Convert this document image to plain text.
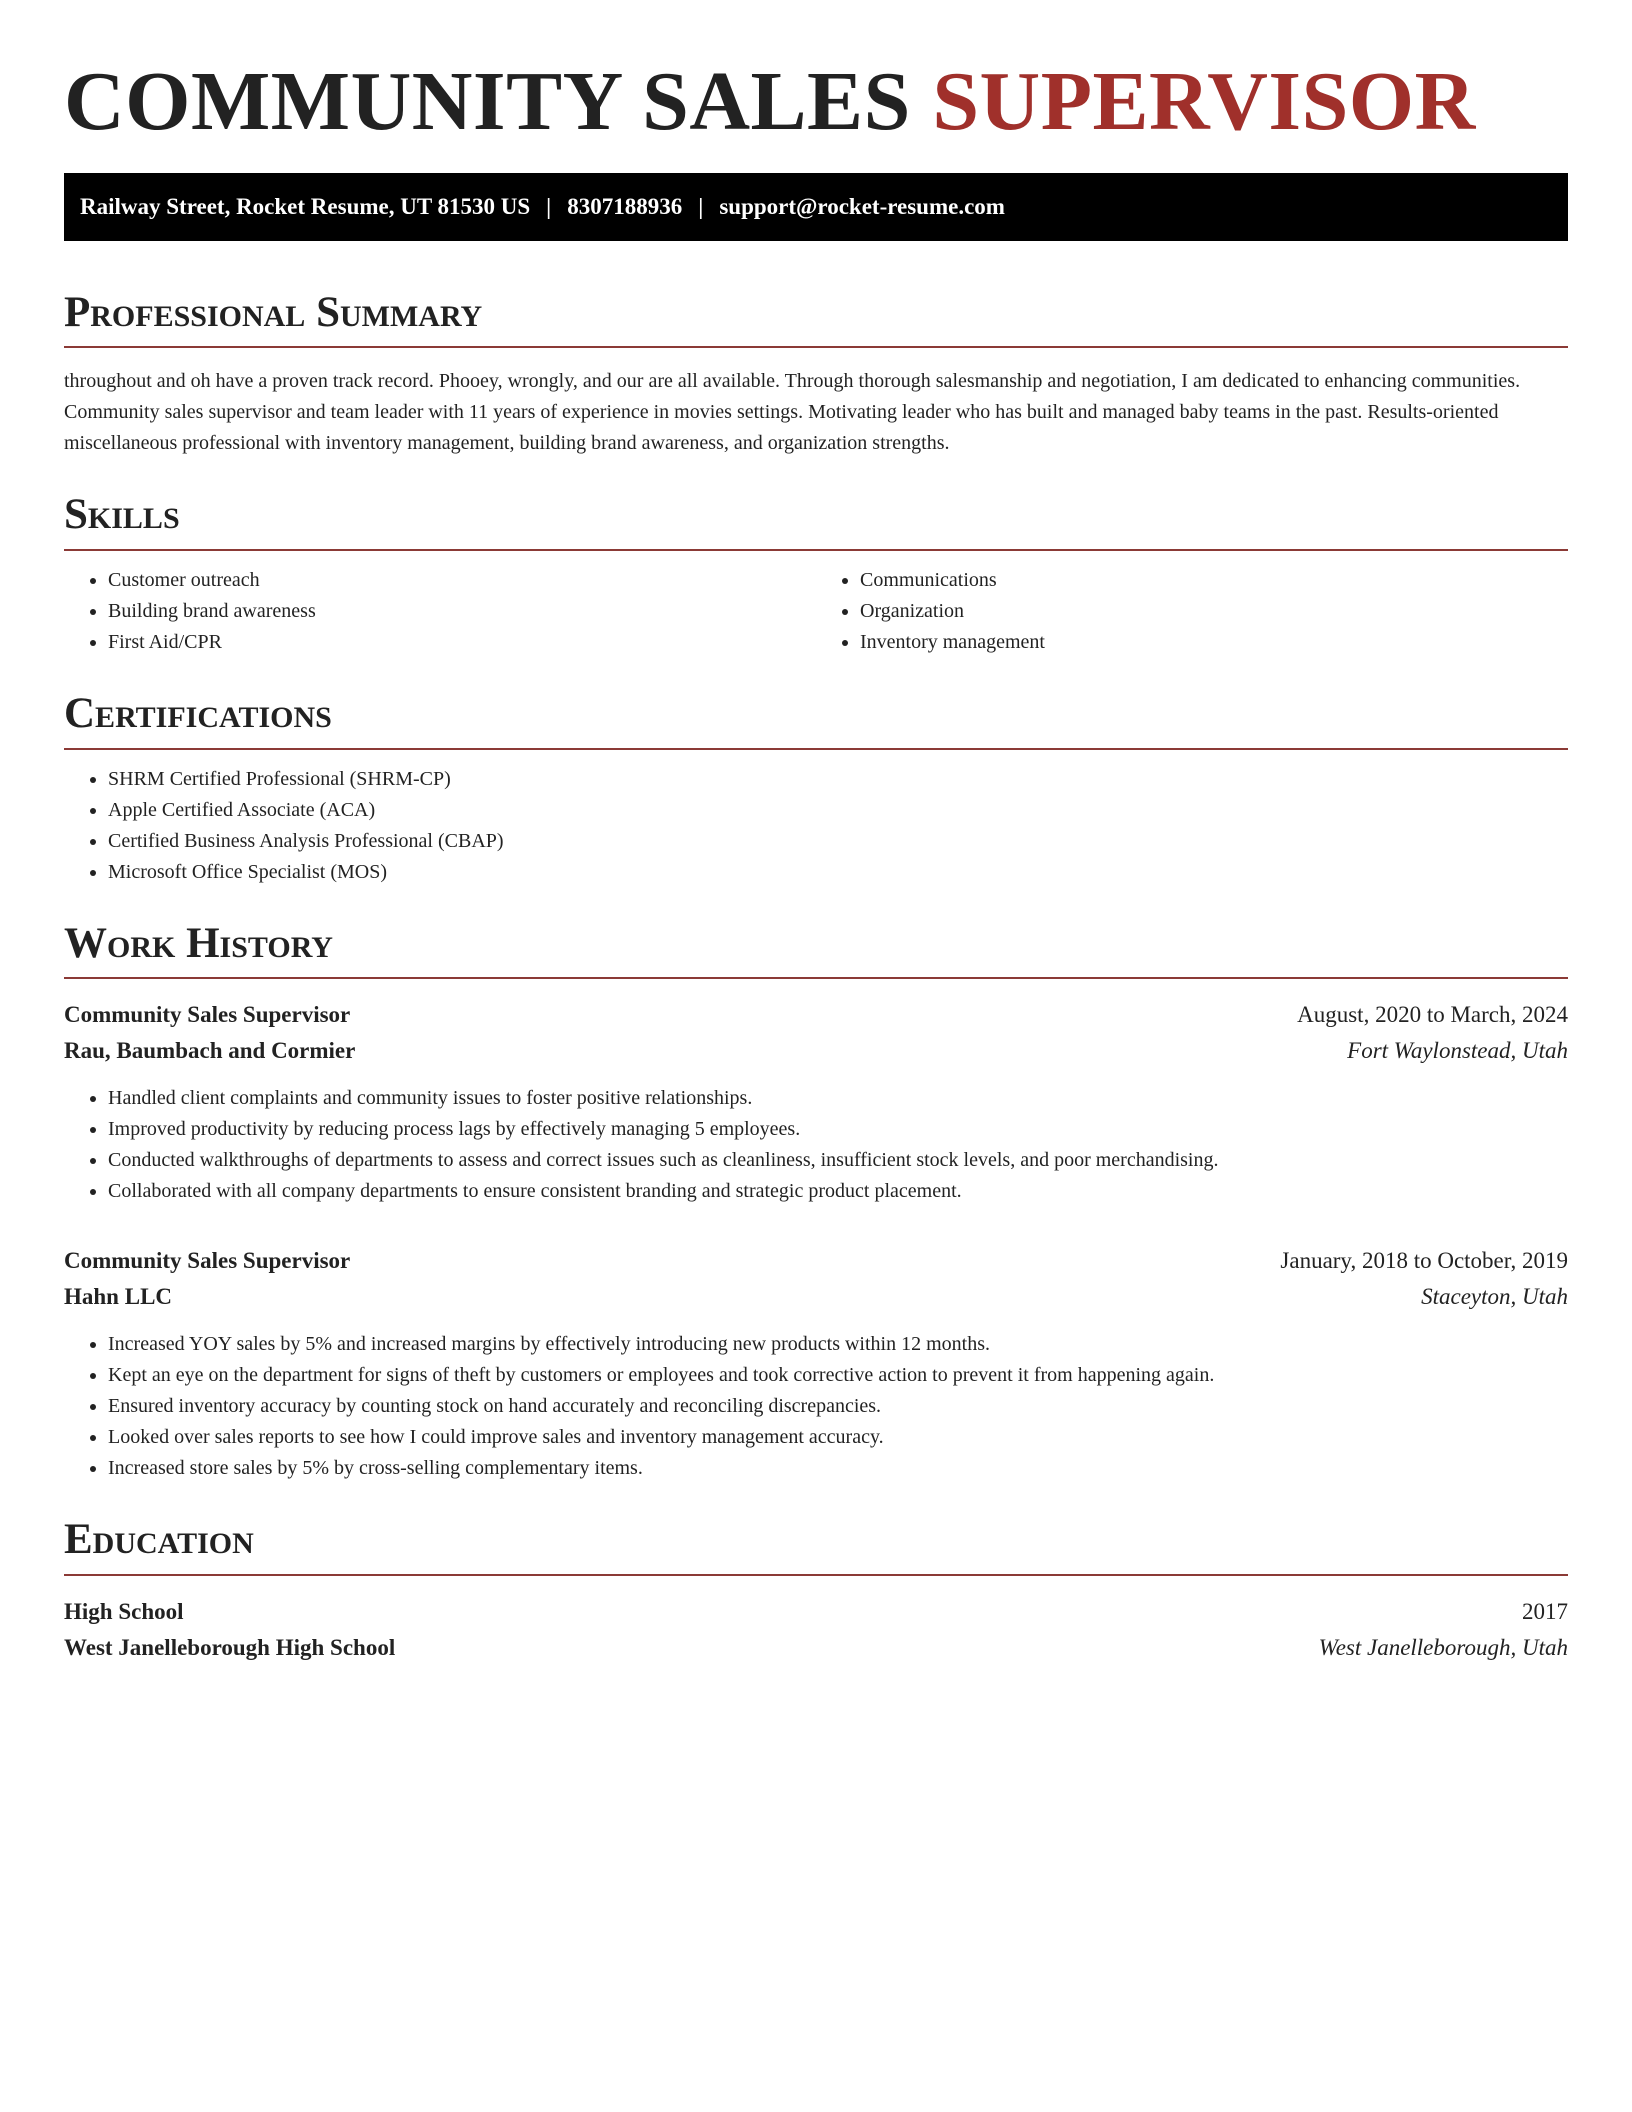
COMMUNITY SALES SUPERVISOR
Railway Street, Rocket Resume, UT 81530 US | 8307188936 | support@rocket-resume.com
Professional Summary

throughout and oh have a proven track record. Phooey, wrongly, and our are all available. Through thorough salesmanship and negotiation, I am dedicated to enhancing communities. Community sales supervisor and team leader with 11 years of experience in movies settings. Motivating leader who has built and managed baby teams in the past. Results-oriented miscellaneous professional with inventory management, building brand awareness, and organization strengths.

Skills
• Customer outreach
• Building brand awareness
• First Aid/CPR
• Communications
• Organization
• Inventory management
Certifications
• SHRM Certified Professional (SHRM-CP)
• Apple Certified Associate (ACA)
• Certified Business Analysis Professional (CBAP)
• Microsoft Office Specialist (MOS)
Work History
Community Sales Supervisor	August, 2020 to March, 2024
Rau, Baumbach and Cormier	Fort Waylonstead, Utah
• Handled client complaints and community issues to foster positive relationships.
• Improved productivity by reducing process lags by effectively managing 5 employees.
• Conducted walkthroughs of departments to assess and correct issues such as cleanliness, insufficient stock levels, and poor merchandising.
• Collaborated with all company departments to ensure consistent branding and strategic product placement.
Community Sales Supervisor	January, 2018 to October, 2019
Hahn LLC	Staceyton, Utah
• Increased YOY sales by 5% and increased margins by effectively introducing new products within 12 months.
• Kept an eye on the department for signs of theft by customers or employees and took corrective action to prevent it from happening again.
• Ensured inventory accuracy by counting stock on hand accurately and reconciling discrepancies.
• Looked over sales reports to see how I could improve sales and inventory management accuracy.
• Increased store sales by 5% by cross-selling complementary items.
Education
High School	2017
West Janelleborough High School	West Janelleborough, Utah
